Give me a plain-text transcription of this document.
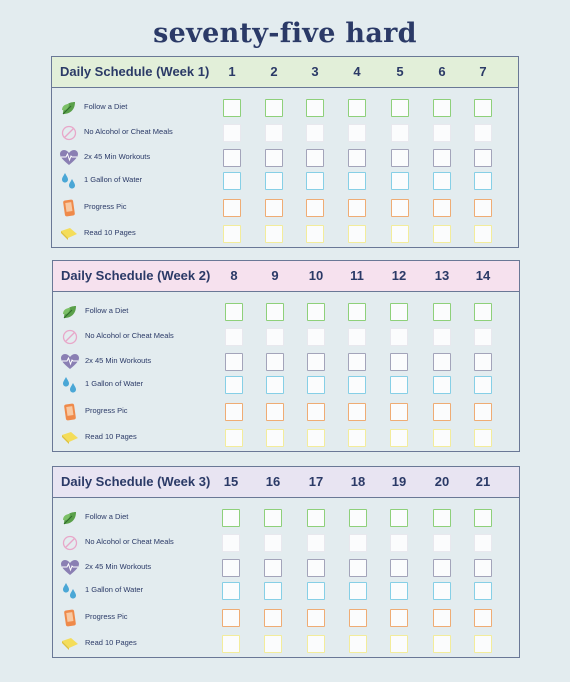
seventy-five hard
Daily Schedule (Week 1)	1	2	3	4	5	6	7
Follow a Diet
No Alcohol or Cheat Meals
2x 45 Min Workouts
1 Gallon of Water
Progress Pic
Read 10 Pages
Daily Schedule (Week 2)	8	9	10	11	12	13	14
Follow a Diet
No Alcohol or Cheat Meals
2x 45 Min Workouts
1 Gallon of Water
Progress Pic
Read 10 Pages
Daily Schedule (Week 3)	15	16	17	18	19	20	21
Follow a Diet
No Alcohol or Cheat Meals
2x 45 Min Workouts
1 Gallon of Water
Progress Pic
Read 10 Pages
